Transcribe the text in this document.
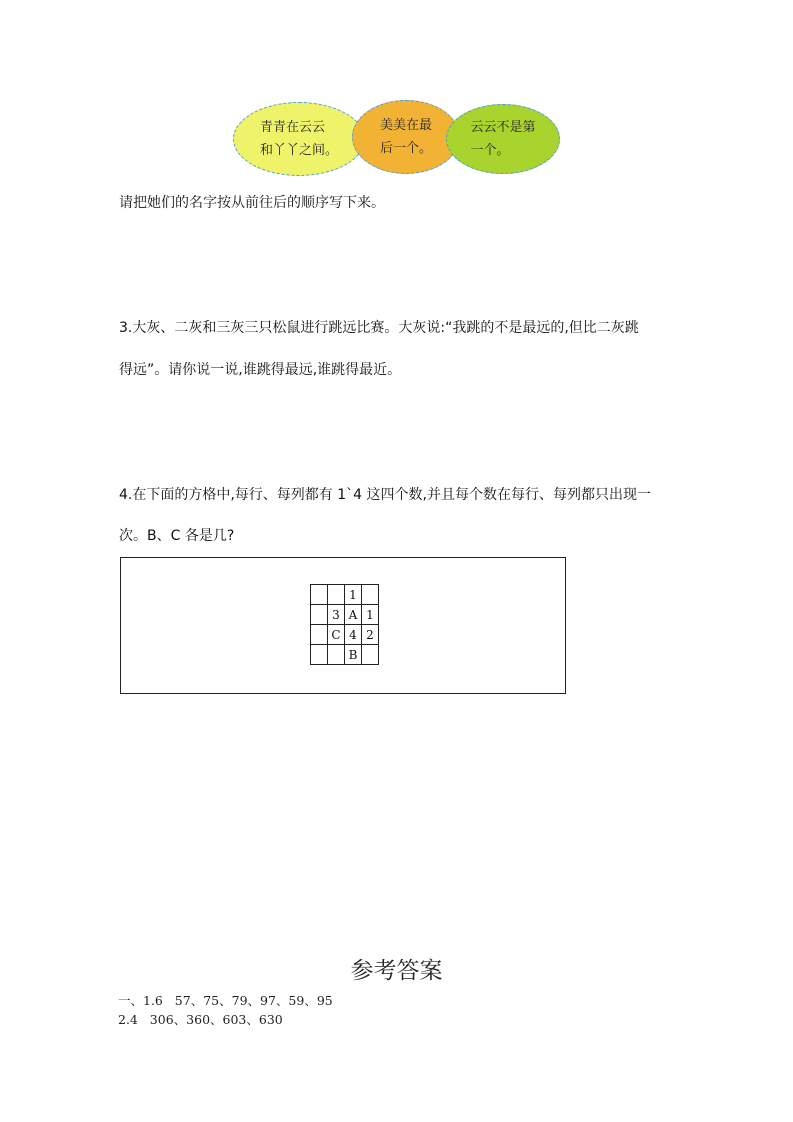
青青在云云
和丫丫之间。
美美在最
后一个。
云云不是第
一个。
请把她们的名字按从前往后的顺序写下来。
3.大灰、二灰和三灰三只松鼠进行跳远比赛。大灰说:“我跳的不是最远的,但比二灰跳
得远”。请你说一说,谁跳得最远,谁跳得最近。
4.在下面的方格中,每行、每列都有 1`4 这四个数,并且每个数在每行、每列都只出现一
次。B、C 各是几?
		1	
	3	A	1
	C	4	2
		B	
参考答案
一、1.6   57、75、79、97、59、95
2.4   306、360、603、630
